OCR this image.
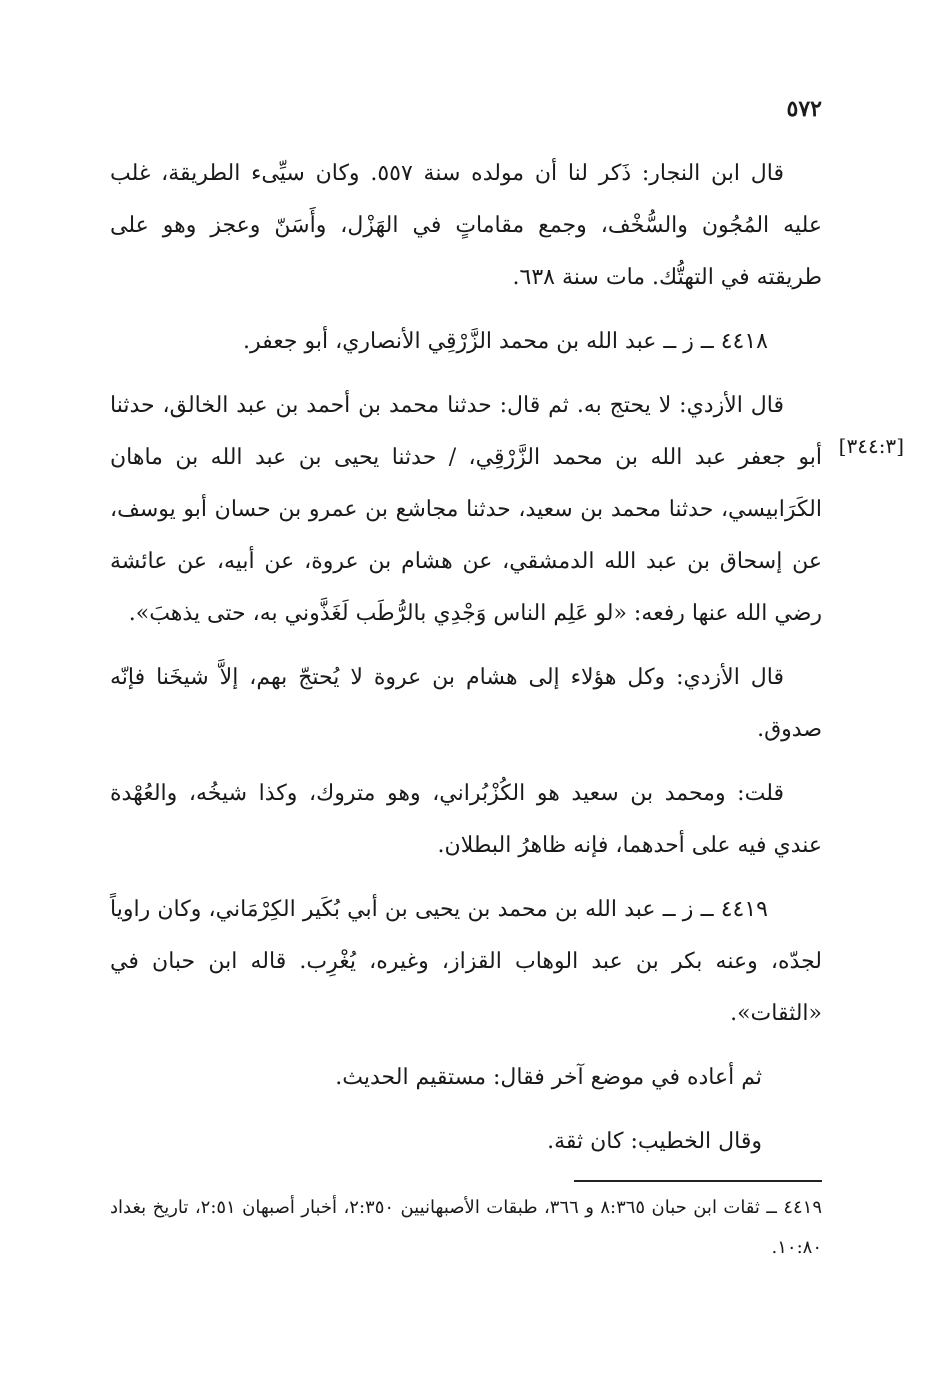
٥٧٢
[٣٤٤:٣]

قال ابن النجار: ذَكر لنا أن مولده سنة ٥٥٧. وكان سيِّىء الطريقة، غلب عليه المُجُون والسُّخْف، وجمع مقاماتٍ في الهَزْل، وأَسَنّ وعجز وهو على طريقته في التهتُّك. مات سنة ٦٣٨.

٤٤١٨ ــ ز ــ عبد الله بن محمد الزَّرْقِي الأنصاري، أبو جعفر.

قال الأزدي: لا يحتج به. ثم قال: حدثنا محمد بن أحمد بن عبد الخالق، حدثنا أبو جعفر عبد الله بن محمد الزَّرْقِي، / حدثنا يحيى بن عبد الله بن ماهان الكَرَابيسي، حدثنا محمد بن سعيد، حدثنا مجاشع بن عمرو بن حسان أبو يوسف، عن إسحاق بن عبد الله الدمشقي، عن هشام بن عروة، عن أبيه، عن عائشة رضي الله عنها رفعه: «لو عَلِم الناس وَجْدِي بالرُّطَب لَغَذَّوني به، حتى يذهبَ».

قال الأزدي: وكل هؤلاء إلى هشام بن عروة لا يُحتجّ بهم، إلاَّ شيخَنا فإنّه صدوق.

قلت: ومحمد بن سعيد هو الكُزْبُراني، وهو متروك، وكذا شيخُه، والعُهْدة عندي فيه على أحدهما، فإنه ظاهرُ البطلان.

٤٤١٩ ــ ز ــ عبد الله بن محمد بن يحيى بن أبي بُكَير الكِرْمَاني، وكان راوياً لجدّه، وعنه بكر بن عبد الوهاب القزاز، وغيره، يُغْرِب. قاله ابن حبان في «الثقات».

ثم أعاده في موضع آخر فقال: مستقيم الحديث.

وقال الخطيب: كان ثقة.

٤٤١٩ ــ ثقات ابن حبان ٨:٣٦٥ و ٣٦٦، طبقات الأصبهانيين ٢:٣٥٠، أخبار أصبهان ٢:٥١، تاريخ بغداد ١٠:٨٠.
